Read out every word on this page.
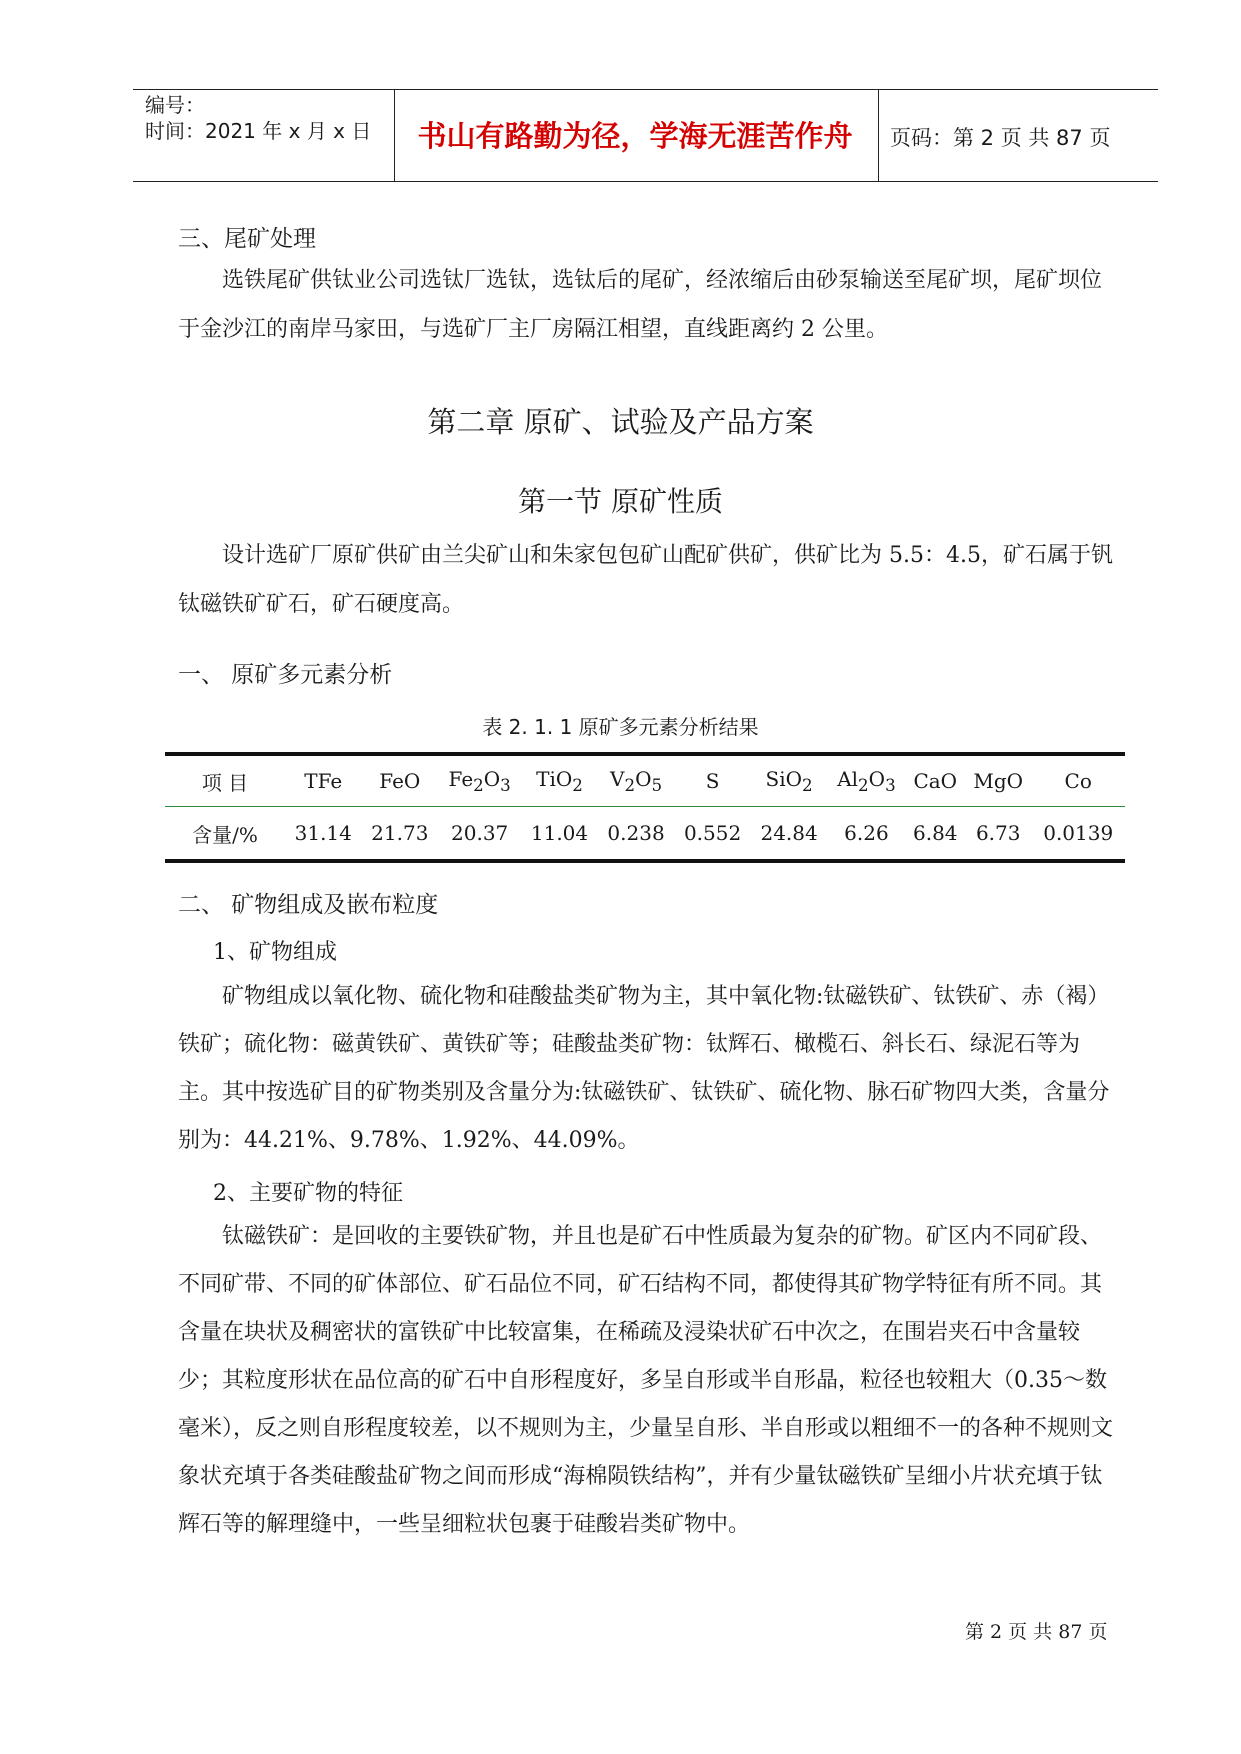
编号：
时间：2021 年 x 月 x 日	书山有路勤为径，学海无涯苦作舟	页码：第 2 页 共 87 页
三、尾矿处理
选铁尾矿供钛业公司选钛厂选钛，选钛后的尾矿，经浓缩后由砂泵输送至尾矿坝，尾矿坝位于金沙江的南岸马家田，与选矿厂主厂房隔江相望，直线距离约 2 公里。
第二章 原矿、试验及产品方案
第一节 原矿性质
设计选矿厂原矿供矿由兰尖矿山和朱家包包矿山配矿供矿，供矿比为 5.5：4.5，矿石属于钒钛磁铁矿矿石，矿石硬度高。
一、 原矿多元素分析
表 2. 1. 1 原矿多元素分析结果
项 目	TFe	FeO	$Fe_2O_3$	TiO$_2$	$V_2O_5$	S	SiO$_2$	$Al_2O_3$	CaO	MgO	Co
含量/%	31.14	21.73	20.37	11.04	0.238	0.552	24.84	6.26	6.84	6.73	0.0139
二、 矿物组成及嵌布粒度
1、矿物组成
矿物组成以氧化物、硫化物和硅酸盐类矿物为主，其中氧化物:钛磁铁矿、钛铁矿、赤（褐）铁矿；硫化物：磁黄铁矿、黄铁矿等；硅酸盐类矿物：钛辉石、橄榄石、斜长石、绿泥石等为主。其中按选矿目的矿物类别及含量分为:钛磁铁矿、钛铁矿、硫化物、脉石矿物四大类，含量分别为：44.21%、9.78%、1.92%、44.09%。
2、主要矿物的特征
钛磁铁矿：是回收的主要铁矿物，并且也是矿石中性质最为复杂的矿物。矿区内不同矿段、不同矿带、不同的矿体部位、矿石品位不同，矿石结构不同，都使得其矿物学特征有所不同。其含量在块状及稠密状的富铁矿中比较富集，在稀疏及浸染状矿石中次之，在围岩夹石中含量较少；其粒度形状在品位高的矿石中自形程度好，多呈自形或半自形晶，粒径也较粗大（0.35～数毫米），反之则自形程度较差，以不规则为主，少量呈自形、半自形或以粗细不一的各种不规则文象状充填于各类硅酸盐矿物之间而形成“海棉陨铁结构”，并有少量钛磁铁矿呈细小片状充填于钛辉石等的解理缝中，一些呈细粒状包裹于硅酸岩类矿物中。
第 2 页 共 87 页
